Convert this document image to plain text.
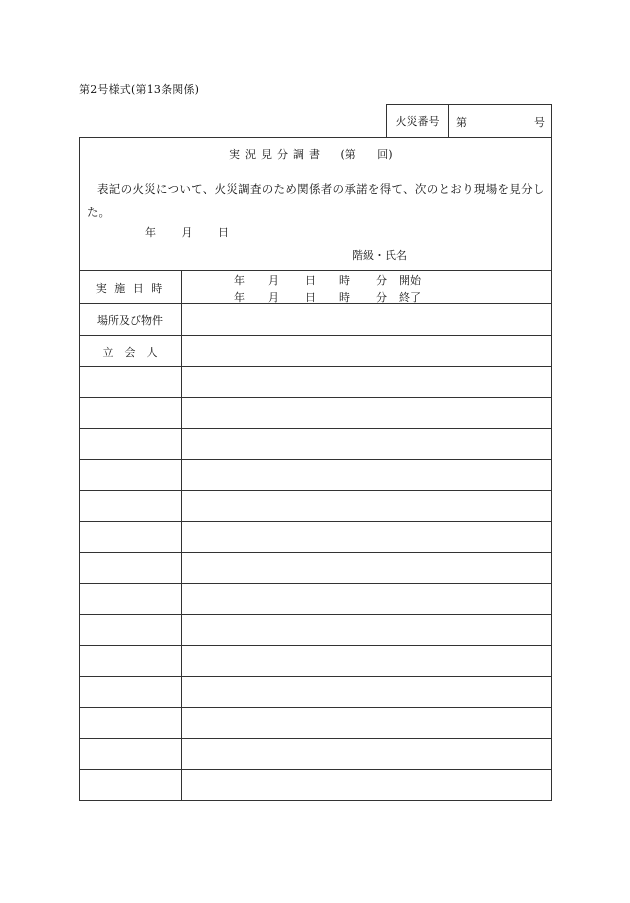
第2号様式(第13条関係)
火災番号	第	号
実況見分調書 (第 回)
表記の火災について、火災調査のため関係者の承諾を得て、次のとおり現場を見分し
た。
年 月 日
階級・氏名
実 施 日 時
年 月 日 時 分 開始
年 月 日 時 分 終了
場所及び物件
立　会　人
